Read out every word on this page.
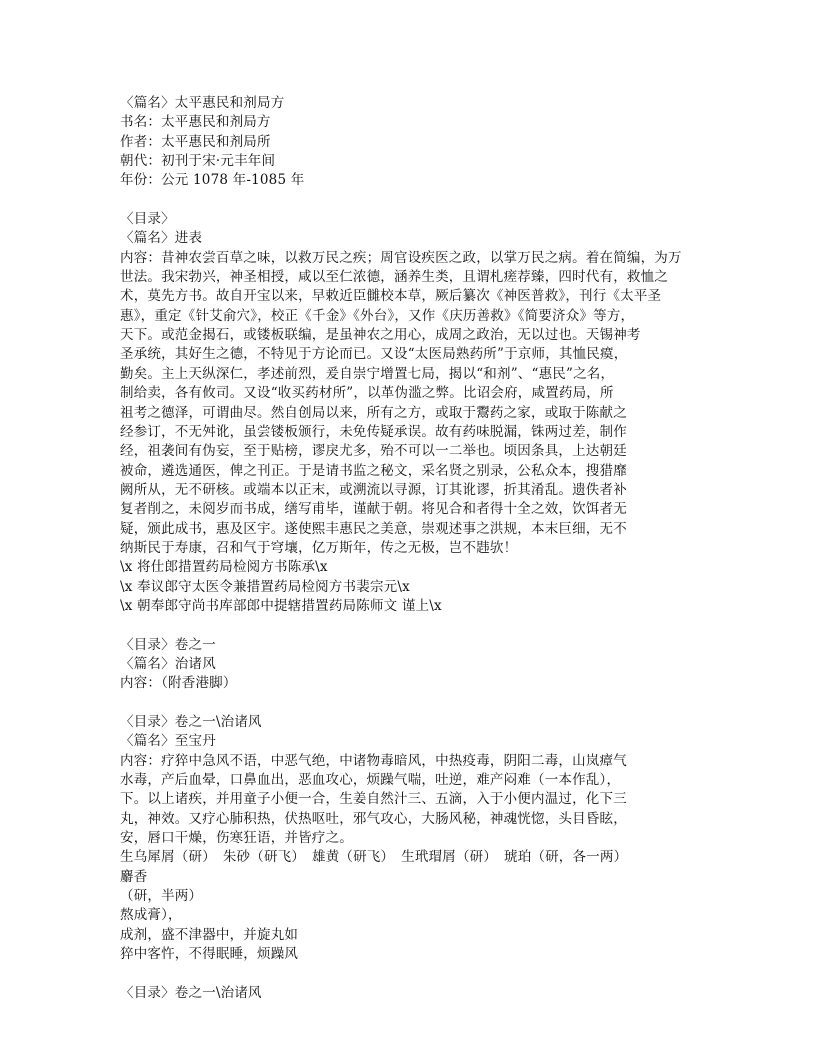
〈篇名〉太平惠民和剂局方
书名：太平惠民和剂局方
作者：太平惠民和剂局所
朝代：初刊于宋·元丰年间
年份：公元 1078 年-1085 年
〈目录〉
〈篇名〉进表
内容：昔神农尝百草之味，以救万民之疾；周官设疾医之政，以掌万民之病。着在简编，为万
世法。我宋勃兴，神圣相授，咸以至仁浓德，涵养生类，且谓札瘥荐臻，四时代有，救恤之
术，莫先方书。故自开宝以来，早敕近臣雠校本草，厥后纂次《神医普救》，刊行《太平圣
惠》，重定《针艾俞穴》，校正《千金》《外台》，又作《庆历善救》《简要济众》等方，
天下。或范金揭石，或镂板联编，是虽神农之用心，成周之政治，无以过也。天锡神考
圣承统，其好生之德，不特见于方论而已。又设“太医局熟药所”于京师，其恤民瘼，
勤矣。主上天纵深仁，孝述前烈，爰自崇宁增置七局，揭以“和剂”、“惠民”之名，
制给卖，各有攸司。又设“收买药材所”，以革伪滥之弊。比诏会府，咸置药局，所
祖考之德泽，可谓曲尽。然自创局以来，所有之方，或取于鬻药之家，或取于陈献之
经参订，不无舛讹，虽尝镂板颁行，未免传疑承误。故有药味脱漏，铢两过差，制作
经，祖袭间有伪妄，至于贴榜，谬戾尤多，殆不可以一二举也。顷因条具，上达朝廷
被命，遴选通医，俾之刊正。于是请书监之秘文，采名贤之别录，公私众本，搜猎靡
阙所从，无不研核。或端本以正末，或溯流以寻源，订其讹谬，折其淆乱。遗佚者补
复者削之，未阅岁而书成，缮写甫毕，谨献于朝。将见合和者得十全之效，饮饵者无
疑，颁此成书，惠及区宇。遂使熙丰惠民之美意，崇观述事之洪规，本末巨细，无不
纳斯民于寿康，召和气于穹壤，亿万斯年，传之无极，岂不韪欤！
\x 将仕郎措置药局检阅方书陈承\x
\x 奉议郎守太医令兼措置药局检阅方书裴宗元\x
\x 朝奉郎守尚书库部郎中提辖措置药局陈师文 谨上\x
〈目录〉卷之一
〈篇名〉治诸风
内容：（附香港脚）
〈目录〉卷之一\治诸风
〈篇名〉至宝丹
内容：疗猝中急风不语，中恶气绝，中诸物毒暗风，中热疫毒，阴阳二毒，山岚瘴气
水毒，产后血晕，口鼻血出，恶血攻心，烦躁气喘，吐逆，难产闷难（一本作乱），
下。以上诸疾，并用童子小便一合，生姜自然汁三、五滴，入于小便内温过，化下三
丸，神效。又疗心肺积热，伏热呕吐，邪气攻心，大肠风秘，神魂恍惚，头目昏眩，
安，唇口干燥，伤寒狂语，并皆疗之。
生乌犀屑（研）　朱砂（研飞）　雄黄（研飞）　生玳瑁屑（研）　琥珀（研，各一两）
麝香
（研，半两）
熬成膏），
成剂，盛不津器中，并旋丸如
猝中客忤，不得眠睡，烦躁风
〈目录〉卷之一\治诸风
